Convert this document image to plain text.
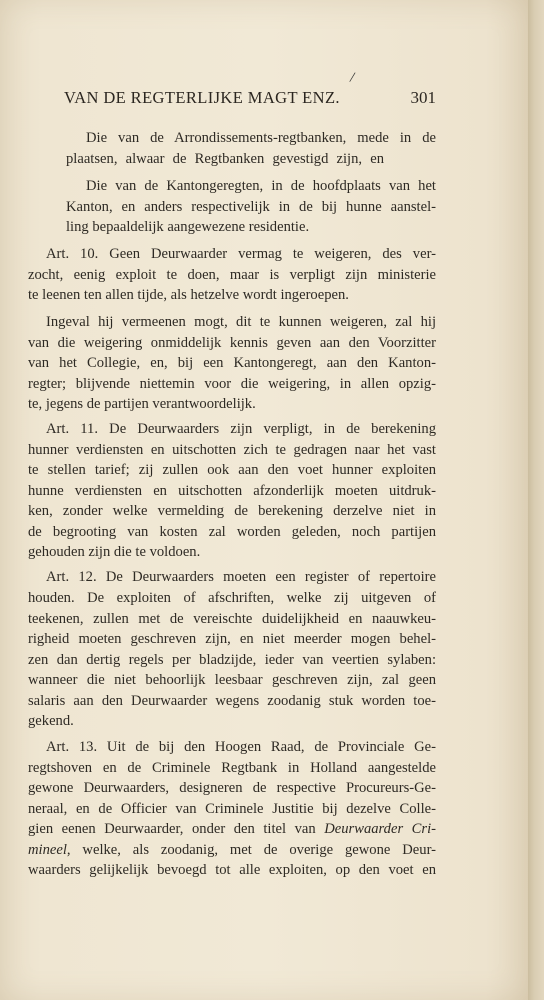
/
VAN DE REGTERLIJKE MAGT ENZ.	301
Die van de Arrondissements-regtbanken, mede in de
plaatsen, alwaar de Regtbanken gevestigd zijn, en
Die van de Kantongeregten, in de hoofdplaats van het
Kanton, en anders respectivelijk in de bij hunne aanstel-
ling bepaaldelijk aangewezene residentie.
Art. 10. Geen Deurwaarder vermag te weigeren, des ver-
zocht, eenig exploit te doen, maar is verpligt zijn ministerie
te leenen ten allen tijde, als hetzelve wordt ingeroepen.
Ingeval hij vermeenen mogt, dit te kunnen weigeren, zal hij
van die weigering onmiddelijk kennis geven aan den Voorzitter
van het Collegie, en, bij een Kantongeregt, aan den Kanton-
regter; blijvende niettemin voor die weigering, in allen opzig-
te, jegens de partijen verantwoordelijk.
Art. 11. De Deurwaarders zijn verpligt, in de berekening
hunner verdiensten en uitschotten zich te gedragen naar het vast
te stellen tarief; zij zullen ook aan den voet hunner exploiten
hunne verdiensten en uitschotten afzonderlijk moeten uitdruk-
ken, zonder welke vermelding de berekening derzelve niet in
de begrooting van kosten zal worden geleden, noch partijen
gehouden zijn die te voldoen.
Art. 12. De Deurwaarders moeten een register of repertoire
houden. De exploiten of afschriften, welke zij uitgeven of
teekenen, zullen met de vereischte duidelijkheid en naauwkeu-
righeid moeten geschreven zijn, en niet meerder mogen behel-
zen dan dertig regels per bladzijde, ieder van veertien sylaben:
wanneer die niet behoorlijk leesbaar geschreven zijn, zal geen
salaris aan den Deurwaarder wegens zoodanig stuk worden toe-
gekend.
Art. 13. Uit de bij den Hoogen Raad, de Provinciale Ge-
regtshoven en de Criminele Regtbank in Holland aangestelde
gewone Deurwaarders, designeren de respective Procureurs-Ge-
neraal, en de Officier van Criminele Justitie bij dezelve Colle-
gien eenen Deurwaarder, onder den titel van Deurwaarder Cri-
mineel, welke, als zoodanig, met de overige gewone Deur-
waarders gelijkelijk bevoegd tot alle exploiten, op den voet en
